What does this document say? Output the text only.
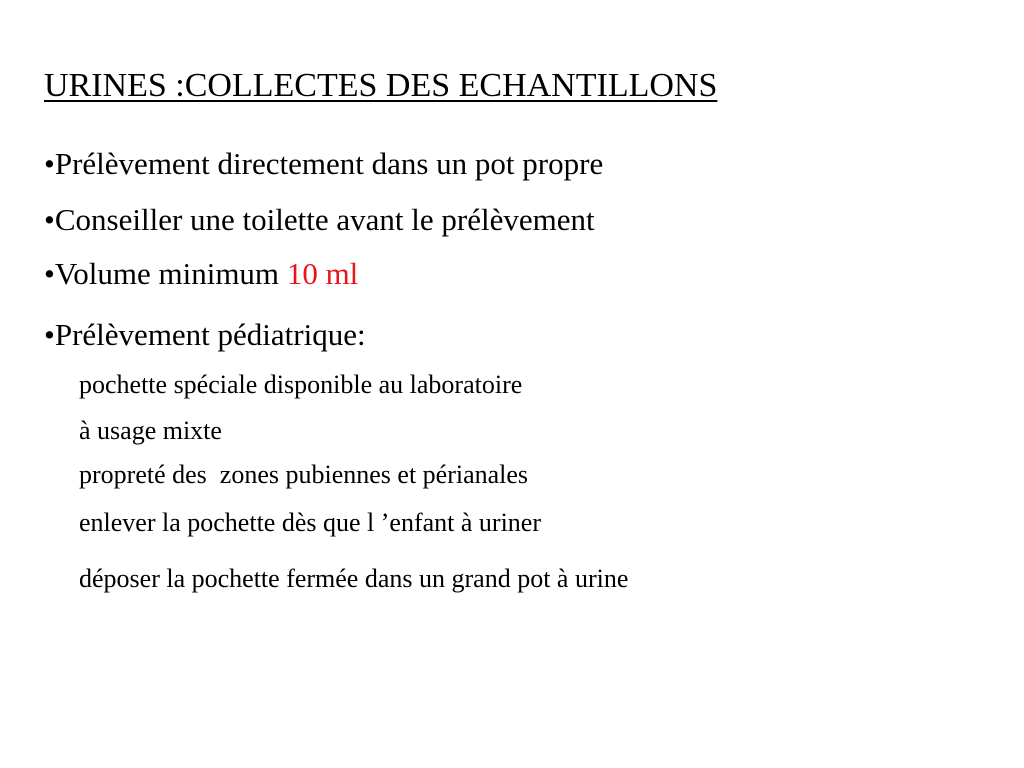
URINES :COLLECTES DES ECHANTILLONS
•Prélèvement directement dans un pot propre
•Conseiller une toilette avant le prélèvement
•Volume minimum 10 ml
•Prélèvement pédiatrique:
pochette spéciale disponible au laboratoire
à usage mixte
propreté des  zones pubiennes et périanales
enlever la pochette dès que l ’enfant à uriner
déposer la pochette fermée dans un grand pot à urine
